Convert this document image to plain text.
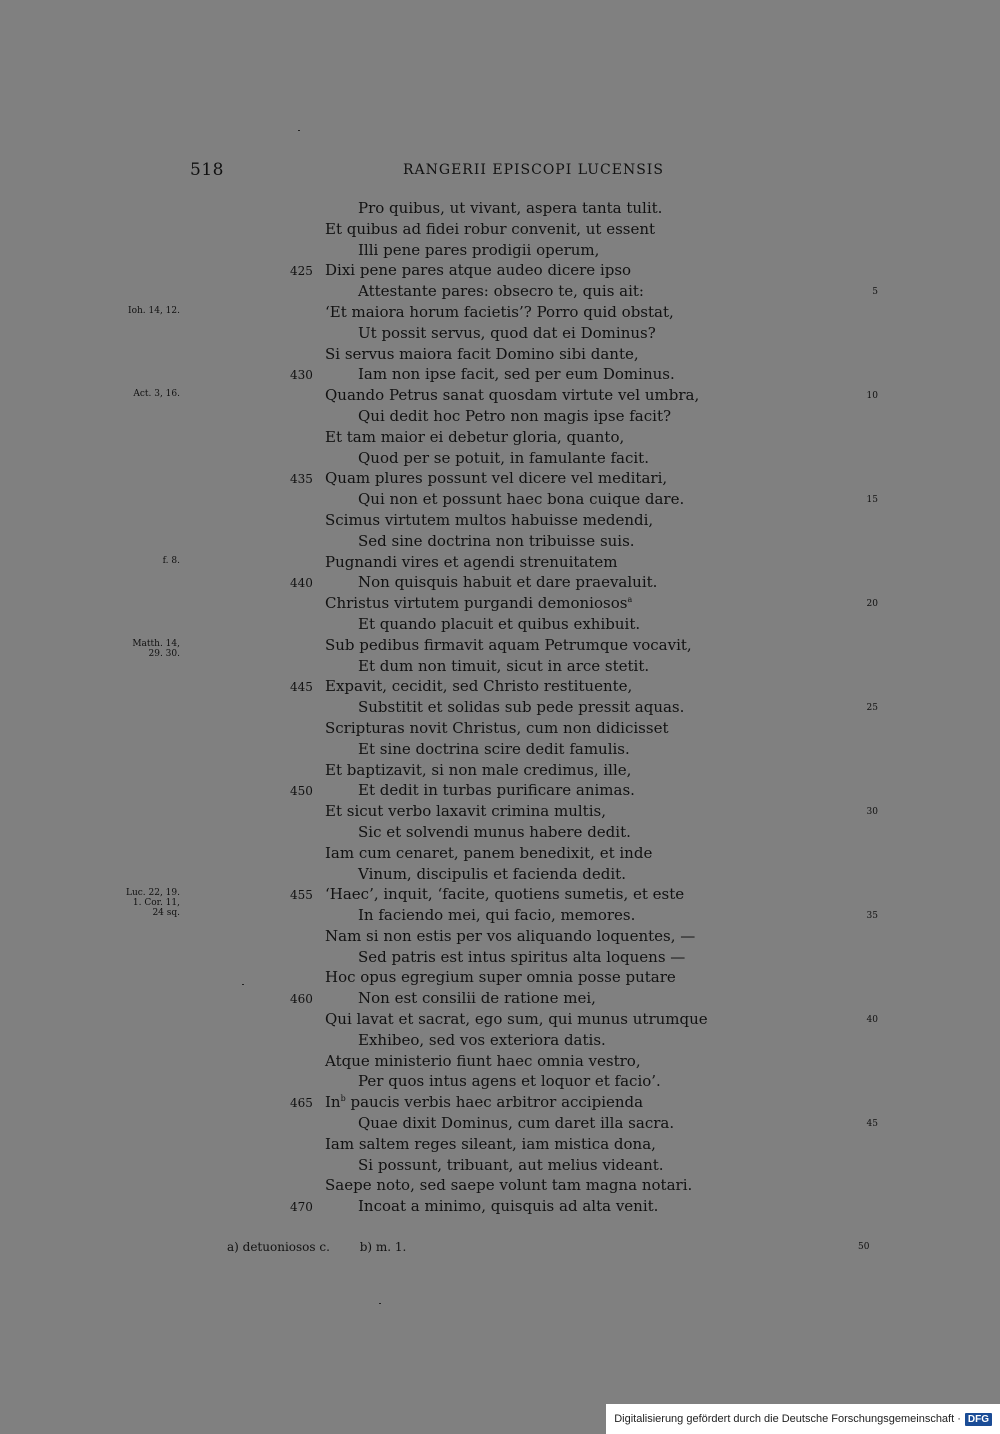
518	RANGERII EPISCOPI LUCENSIS
Pro quibus, ut vivant, aspera tanta tulit.
Et quibus ad fidei robur convenit, ut essent
Illi pene pares prodigii operum,
425 Dixi pene pares atque audeo dicere ipso
Attestante pares: obsecro te, quis ait:	5
Ioh. 14, 12.	‘Et maiora horum facietis’? Porro quid obstat,
Ut possit servus, quod dat ei Dominus?
Si servus maiora facit Domino sibi dante,
430	Iam non ipse facit, sed per eum Dominus.
Act. 3, 16.	Quando Petrus sanat quosdam virtute vel umbra,	10
Qui dedit hoc Petro non magis ipse facit?
Et tam maior ei debetur gloria, quanto,
Quod per se potuit, in famulante facit.
435 Quam plures possunt vel dicere vel meditari,
Qui non et possunt haec bona cuique dare.	15
Scimus virtutem multos habuisse medendi,
Sed sine doctrina non tribuisse suis.
f. 8.	Pugnandi vires et agendi strenuitatem
440	Non quisquis habuit et dare praevaluit.
Christus virtutem purgandi demoniosos$^a$	20
Et quando placuit et quibus exhibuit.
Matth. 14,
29. 30.	Sub pedibus firmavit aquam Petrumque vocavit,
Et dum non timuit, sicut in arce stetit.
445 Expavit, cecidit, sed Christo restituente,
Substitit et solidas sub pede pressit aquas.	25
Scripturas novit Christus, cum non didicisset
Et sine doctrina scire dedit famulis.
Et baptizavit, si non male credimus, ille,
450	Et dedit in turbas purificare animas.
Et sicut verbo laxavit crimina multis,	30
Sic et solvendi munus habere dedit.
Iam cum cenaret, panem benedixit, et inde
Vinum, discipulis et facienda dedit.
455
Luc. 22, 19.
1. Cor. 11,
24 sq.
‘Haec’, inquit, ‘facite, quotiens sumetis, et este
In faciendo mei, qui facio, memores.	35
Nam si non estis per vos aliquando loquentes, —
Sed patris est intus spiritus alta loquens —
Hoc opus egregium super omnia posse putare
460	Non est consilii de ratione mei,
Qui lavat et sacrat, ego sum, qui munus utrumque	40
Exhibeo, sed vos exteriora datis.
Atque ministerio fiunt haec omnia vestro,
Per quos intus agens et loquor et facio’.
465 In$^b$ paucis verbis haec arbitror accipienda
Quae dixit Dominus, cum daret illa sacra.	45
Iam saltem reges sileant, iam mistica dona,
Si possunt, tribuant, aut melius videant.
Saepe noto, sed saepe volunt tam magna notari.
470	Incoat a minimo, quisquis ad alta venit.
a) detuoniosos c. b) m. 1.	50
Digitalisierung gefördert durch die Deutsche Forschungsgemeinschaft · DFG
